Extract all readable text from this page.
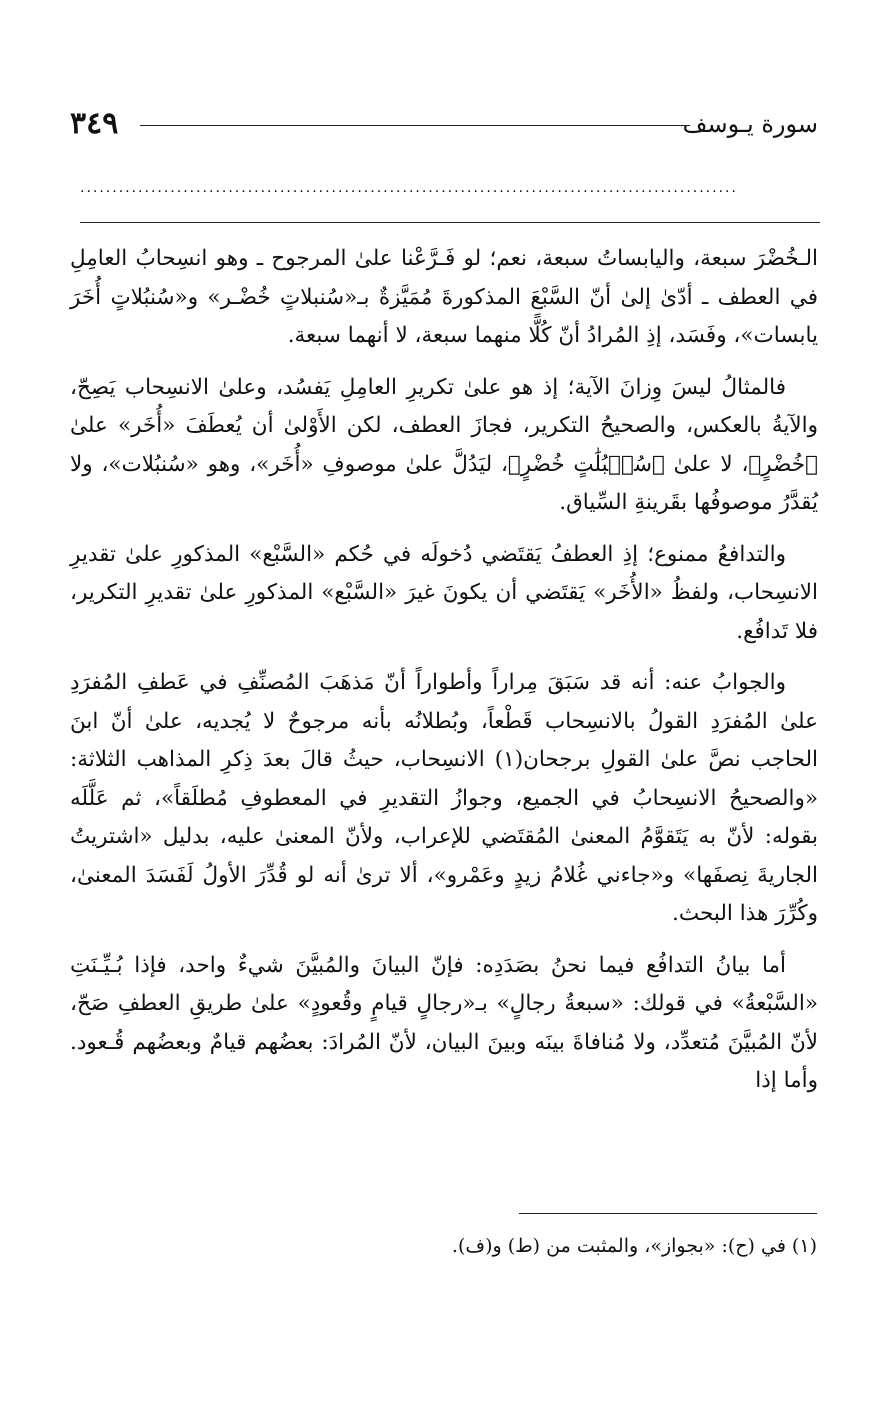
٣٤٩	سورة يـوسف
......................................................................................................

الـخُضْرَ سبعة، واليابساتُ سبعة، نعم؛ لو فَـرَّعْنا علىٰ المرجوح ـ وهو انسِحابُ العامِلِ في العطف ـ أدّىٰ إلىٰ أنّ السَّبْعَ المذكورةَ مُمَيَّزةٌ بـ«سُنبلاتٍ خُضْـر» و«سُنبُلاتٍ أُخَرَ يابسات»، وفَسَد، إذِ المُرادُ أنّ كُلًّا منهما سبعة، لا أنهما سبعة.

فالمثالُ ليسَ وِزانَ الآية؛ إذ هو علىٰ تكريرِ العامِلِ يَفسُد، وعلىٰ الانسِحاب يَصِحّ، والآيةُ بالعكس، والصحيحُ التكرير، فجازَ العطف، لكن الأَوْلىٰ أن يُعطَفَ «أُخَر» علىٰ ﴿خُضْرٍ﴾، لا علىٰ ﴿سُنۢبُلَٰتٍ خُضْرٍ﴾، ليَدُلَّ علىٰ موصوفِ «أُخَر»، وهو «سُنبُلات»، ولا يُقدَّرُ موصوفُها بقَرينةِ السِّياق.

والتدافعُ ممنوع؛ إذِ العطفُ يَقتَضي دُخولَه في حُكم «السَّبْع» المذكورِ علىٰ تقديرِ الانسِحاب، ولفظُ «الأُخَر» يَقتَضي أن يكونَ غيرَ «السَّبْع» المذكورِ علىٰ تقديرِ التكرير، فلا تَدافُع.

والجوابُ عنه: أنه قد سَبَقَ مِراراً وأطواراً أنّ مَذهَبَ المُصنِّفِ في عَطفِ المُفرَدِ علىٰ المُفرَدِ القولُ بالانسِحاب قَطْعاً، وبُطلانُه بأنه مرجوحٌ لا يُجديه، علىٰ أنّ ابنَ الحاجب نصَّ علىٰ القولِ برجحان(١) الانسِحاب، حيثُ قالَ بعدَ ذِكرِ المذاهب الثلاثة: «والصحيحُ الانسِحابُ في الجميع، وجوازُ التقديرِ في المعطوفِ مُطلَقاً»، ثم عَلَّلَه بقوله: لأنّ به يَتَقوَّمُ المعنىٰ المُقتَضي للإعراب، ولأنّ المعنىٰ عليه، بدليل «اشتريتُ الجاريةَ نِصفَها» و«جاءني غُلامُ زيدٍ وعَمْرو»، ألا ترىٰ أنه لو قُدِّرَ الأولُ لَفَسَدَ المعنىٰ، وكُرِّرَ هذا البحث.

أما بيانُ التدافُع فيما نحنُ بصَدَدِه: فإنّ البيانَ والمُبيَّنَ شيءٌ واحد، فإذا بُـيِّـنَتِ «السَّبْعةُ» في قولك: «سبعةُ رجالٍ» بـ«رجالٍ قيامٍ وقُعودٍ» علىٰ طريقِ العطفِ صَحّ، لأنّ المُبيَّنَ مُتعدِّد، ولا مُنافاةَ بينَه وبينَ البيان، لأنّ المُرادَ: بعضُهم قيامٌ وبعضُهم قُـعود. وأما إذا

(١) في (ح): «بجواز»، والمثبت من (ط) و(ف).
